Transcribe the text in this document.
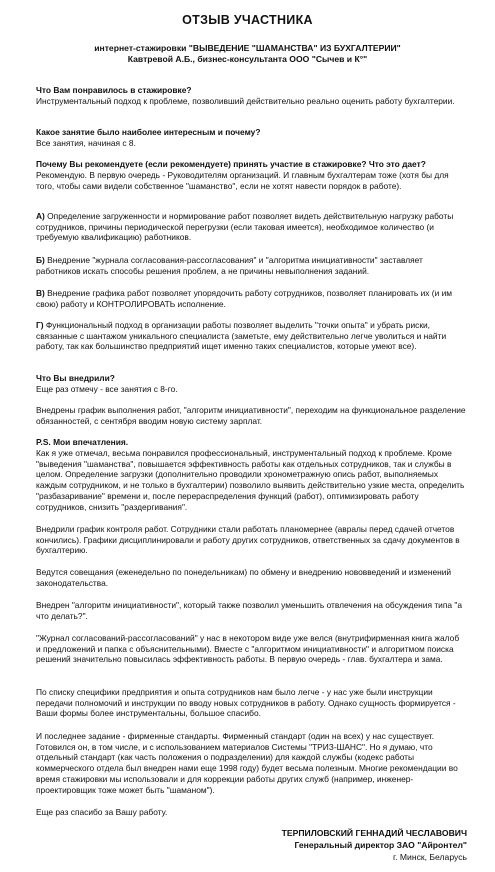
ОТЗЫВ УЧАСТНИКА
интернет-стажировки "ВЫВЕДЕНИЕ "ШАМАНСТВА" ИЗ БУХГАЛТЕРИИ"
Кавтревой А.Б., бизнес-консультанта ООО "Сычев и К°"
Что Вам понравилось в стажировке?
Инструментальный подход к проблеме, позволивший действительно реально оценить работу бухгалтерии.
Какое занятие было наиболее интересным и почему?
Все занятия, начиная с 8.
Почему Вы рекомендуете (если рекомендуете) принять участие в стажировке? Что это дает?
Рекомендую. В первую очередь - Руководителям организаций. И главным бухгалтерам тоже (хотя бы для того, чтобы сами видели собственное "шаманство", если не хотят навести порядок в работе).
А) Определение загруженности и нормирование работ позволяет видеть действительную нагрузку работы сотрудников, причины периодической перегрузки (если таковая имеется), необходимое количество (и требуемую квалификацию) работников.
Б) Внедрение "журнала согласования-рассогласования" и "алгоритма инициативности" заставляет работников искать способы решения проблем, а не причины невыполнения заданий.
В) Внедрение графика работ позволяет упорядочить работу сотрудников, позволяет планировать их (и им свою) работу и КОНТРОЛИРОВАТЬ исполнение.
Г) Функциональный подход в организации работы позволяет выделить "точки опыта" и убрать риски, связанные с шантажом уникального специалиста (заметьте, ему действительно легче уволиться и найти работу, так как большинство предприятий ищет именно таких специалистов, которые умеют все).
Что Вы внедрили?
Еще раз отмечу - все занятия с 8-го.
Внедрены график выполнения работ, "алгоритм инициативности", переходим на функциональное разделение обязанностей, с сентября вводим новую систему зарплат.
P.S. Мои впечатления.
Как я уже отмечал, весьма понравился профессиональный, инструментальный подход к проблеме. Кроме "выведения "шаманства", повышается эффективность работы как отдельных сотрудников, так и службы в целом. Определение загрузки (дополнительно проводили хронометражную опись работ, выполняемых каждым сотрудником, и не только в бухгалтерии) позволило выявить действительно узкие места, определить "разбазаривание" времени и, после перераспределения функций (работ), оптимизировать работу сотрудников, снизить "раздергивания".
Внедрили график контроля работ. Сотрудники стали работать планомернее (авралы перед сдачей отчетов кончились). Графики дисциплинировали и работу других сотрудников, ответственных за сдачу документов в бухгалтерию.
Ведутся совещания (еженедельно по понедельникам) по обмену и внедрению нововведений и изменений законодательства.
Внедрен "алгоритм инициативности", который также позволил уменьшить отвлечения на обсуждения типа "а что делать?".
"Журнал согласований-рассогласований" у нас в некотором виде уже велся (внутрифирменная книга жалоб и предложений и папка с объяснительными). Вместе с "алгоритмом инициативности" и алгоритмом поиска решений значительно повысилась эффективность работы. В первую очередь - глав. бухгалтера и зама.
По списку специфики предприятия и опыта сотрудников нам было легче - у нас уже были инструкции передачи полномочий и инструкции по вводу новых сотрудников в работу. Однако сущность формируется - Ваши формы более инструментальны, большое спасибо.
И последнее задание - фирменные стандарты. Фирменный стандарт (один на всех) у нас существует. Готовился он, в том числе, и с использованием материалов Системы "ТРИЗ-ШАНС". Но я думаю, что отдельный стандарт (как часть положения о подразделении) для каждой службы (кодекс работы коммерческого отдела был внедрен нами еще 1998 году) будет весьма полезным. Многие рекомендации во время стажировки мы использовали и для коррекции работы других служб (например, инженер-проектировщик тоже может быть "шаманом").
Еще раз спасибо за Вашу работу.
ТЕРПИЛОВСКИЙ ГЕННАДИЙ ЧЕСЛАВОВИЧ
Генеральный директор ЗАО "Айронтел"
г. Минск, Беларусь
